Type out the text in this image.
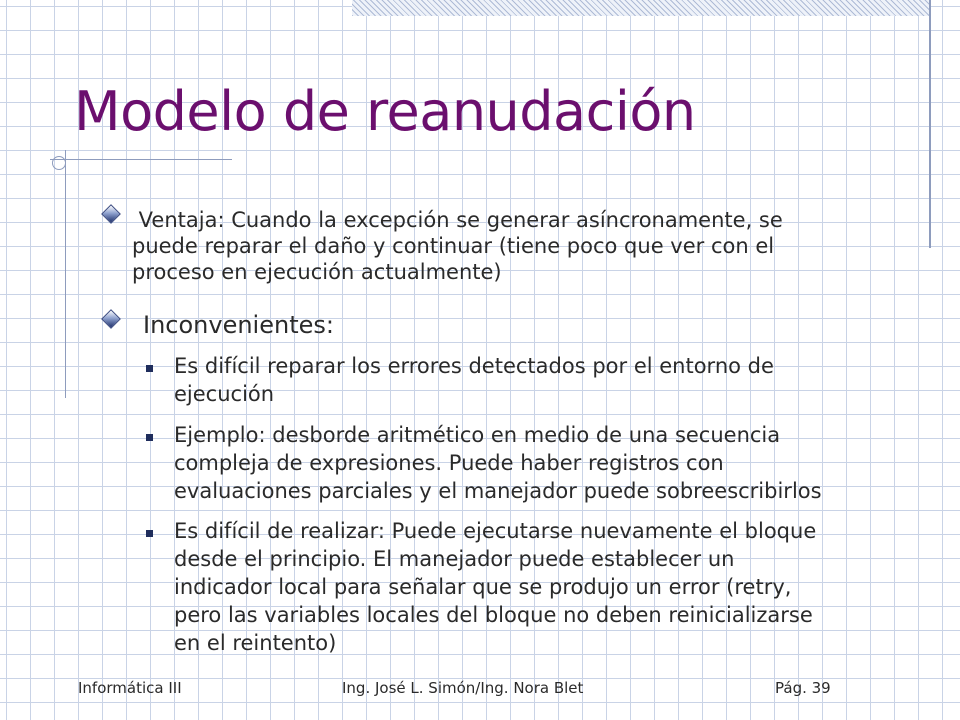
Modelo de reanudación
Ventaja: Cuando la excepción se generar asíncronamente, se
puede reparar el daño y continuar (tiene poco que ver con el
proceso en ejecución actualmente)
Inconvenientes:
Es difícil reparar los errores detectados por el entorno de
ejecución
Ejemplo: desborde aritmético en medio de una secuencia
compleja de expresiones. Puede haber registros con
evaluaciones parciales y el manejador puede sobreescribirlos
Es difícil de realizar: Puede ejecutarse nuevamente el bloque
desde el principio. El manejador puede establecer un
indicador local para señalar que se produjo un error (retry,
pero las variables locales del bloque no deben reinicializarse
en el reintento)
Informática III	Ing. José L. Simón/Ing. Nora Blet	Pág. 39
